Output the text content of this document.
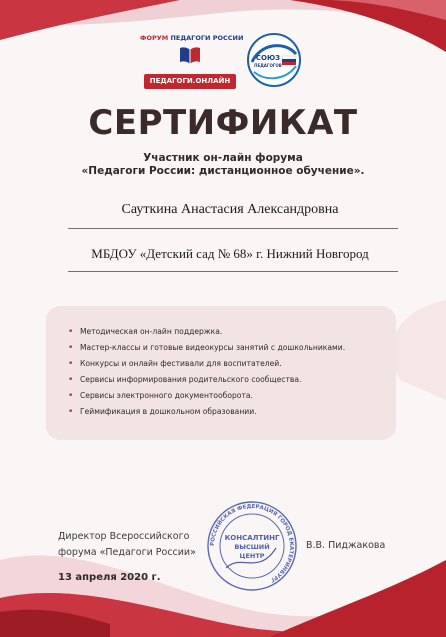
ФОРУМ ПЕДАГОГИ РОССИИ
ПЕДАГОГИ.ОНЛАЙН
СОЮЗ
ПЕДАГОГОВ
СЕРТИФИКАТ
Участник он-лайн форума
«Педагоги России: дистанционное обучение».
Сауткина Анастасия Александровна
МБДОУ «Детский сад № 68» г. Нижний Новгород
• Методическая он-лайн поддержка.
• Мастер-классы и готовые видеокурсы занятий с дошкольниками.
• Конкурсы и онлайн фестивали для воспитателей.
• Сервисы информирования родительского сообщества.
• Сервисы электронного документооборота.
• Геймификация в дошкольном образовании.
Директор Всероссийского
форума «Педагоги России»
РОССИЙСКАЯ ФЕДЕРАЦИЯ ГОРОД ЕКАТЕРИНБУРГ
КОНСАЛТИНГ
ВЫСШИЙ
ЦЕНТР
В.В. Пиджакова
13 апреля 2020 г.
